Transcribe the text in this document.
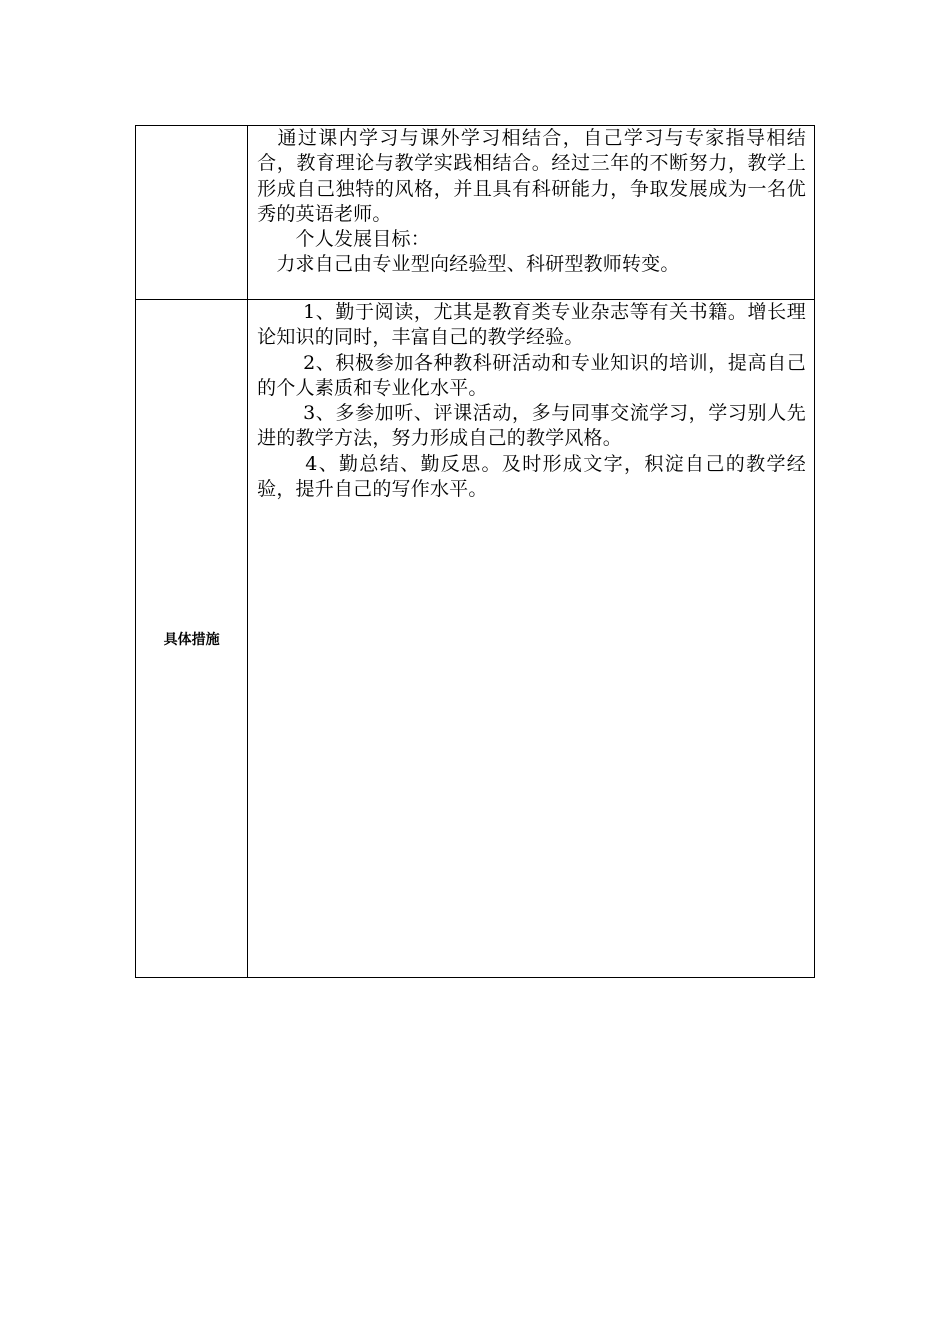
	　通过课内学习与课外学习相结合，自己学习与专家指导相结合，教育理论与教学实践相结合。经过三年的不断努力，教学上形成自己独特的风格，并且具有科研能力，争取发展成为一名优秀的英语老师。

　　个人发展目标：

　力求自己由专业型向经验型、科研型教师转变。

具体措施	　　 1、勤于阅读，尤其是教育类专业杂志等有关书籍。增长理论知识的同时，丰富自己的教学经验。

　　 2、积极参加各种教科研活动和专业知识的培训，提高自己的个人素质和专业化水平。

　　 3、多参加听、评课活动，多与同事交流学习，学习别人先进的教学方法，努力形成自己的教学风格。

　　 4、勤总结、勤反思。及时形成文字，积淀自己的教学经验，提升自己的写作水平。
